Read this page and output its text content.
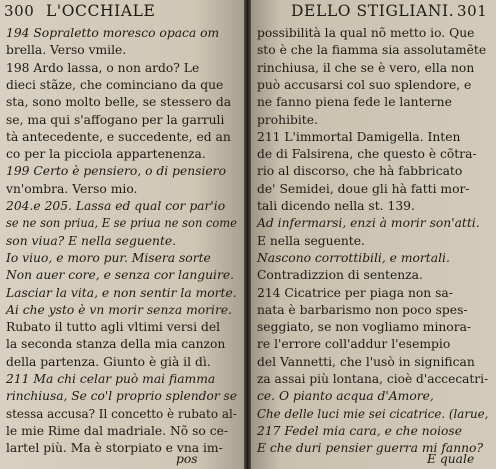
300 L'OCCHIALE
194 Sopraletto moresco opaca om
brella. Verso vmile.
198 Ardo lassa, o non ardo? Le
dieci stãze, che cominciano da que
sta, sono molto belle, se stessero da
se, ma qui s'affogano per la garruli
tà antecedente, e succedente, ed an
co per la picciola appartenenza.
199 Certo è pensiero, o di pensiero
vn'ombra. Verso mio.
204.e 205. Lassa ed qual cor par'io
se ne son priua, E se priua ne son come
son viua? E nella seguente.
Io viuo, e moro pur. Misera sorte
Non auer core, e senza cor languire.
Lasciar la vita, e non sentir la morte.
Ai che ysto è vn morir senza morire.
Rubato il tutto agli vltimi versi del
la seconda stanza della mia canzon
della partenza. Giunto è già il dì.
211 Ma chi celar può mai fiamma
rinchiusa, Se co'l proprio splendor se
stessa accusa? Il concetto è rubato al-
le mie Rime dal madriale. Nõ so ce-
lartel più. Ma è storpiato e vna im-
pos
DELLO STIGLIANI. 301
possibilità la qual nõ metto io. Que
sto è che la fiamma sia assolutamẽte
rinchiusa, il che se è vero, ella non
può accusarsi col suo splendore, e
ne fanno piena fede le lanterne
prohibite.
211 L'immortal Damigella. Inten
de di Falsirena, che questo è cõtra-
rio al discorso, che hà fabbricato
de' Semidei, doue gli hà fatti mor-
tali dicendo nella st. 139.
Ad infermarsi, enzi à morir son'atti.
E nella seguente.
Nascono corrottibili, e mortali.
Contradizzion di sentenza.
214 Cicatrice per piaga non sa-
nata è barbarismo non poco spes-
seggiato, se non vogliamo minora-
re l'errore coll'addur l'esempio
del Vannetti, che l'usò in significan
za assai più lontana, cioè d'accecatri-
ce. O pianto acqua d'Amore,
Che delle luci mie sei cicatrice. (larue,
217 Fedel mia cara, e che noiose
E che duri pensier guerra mi fanno?
E quale
